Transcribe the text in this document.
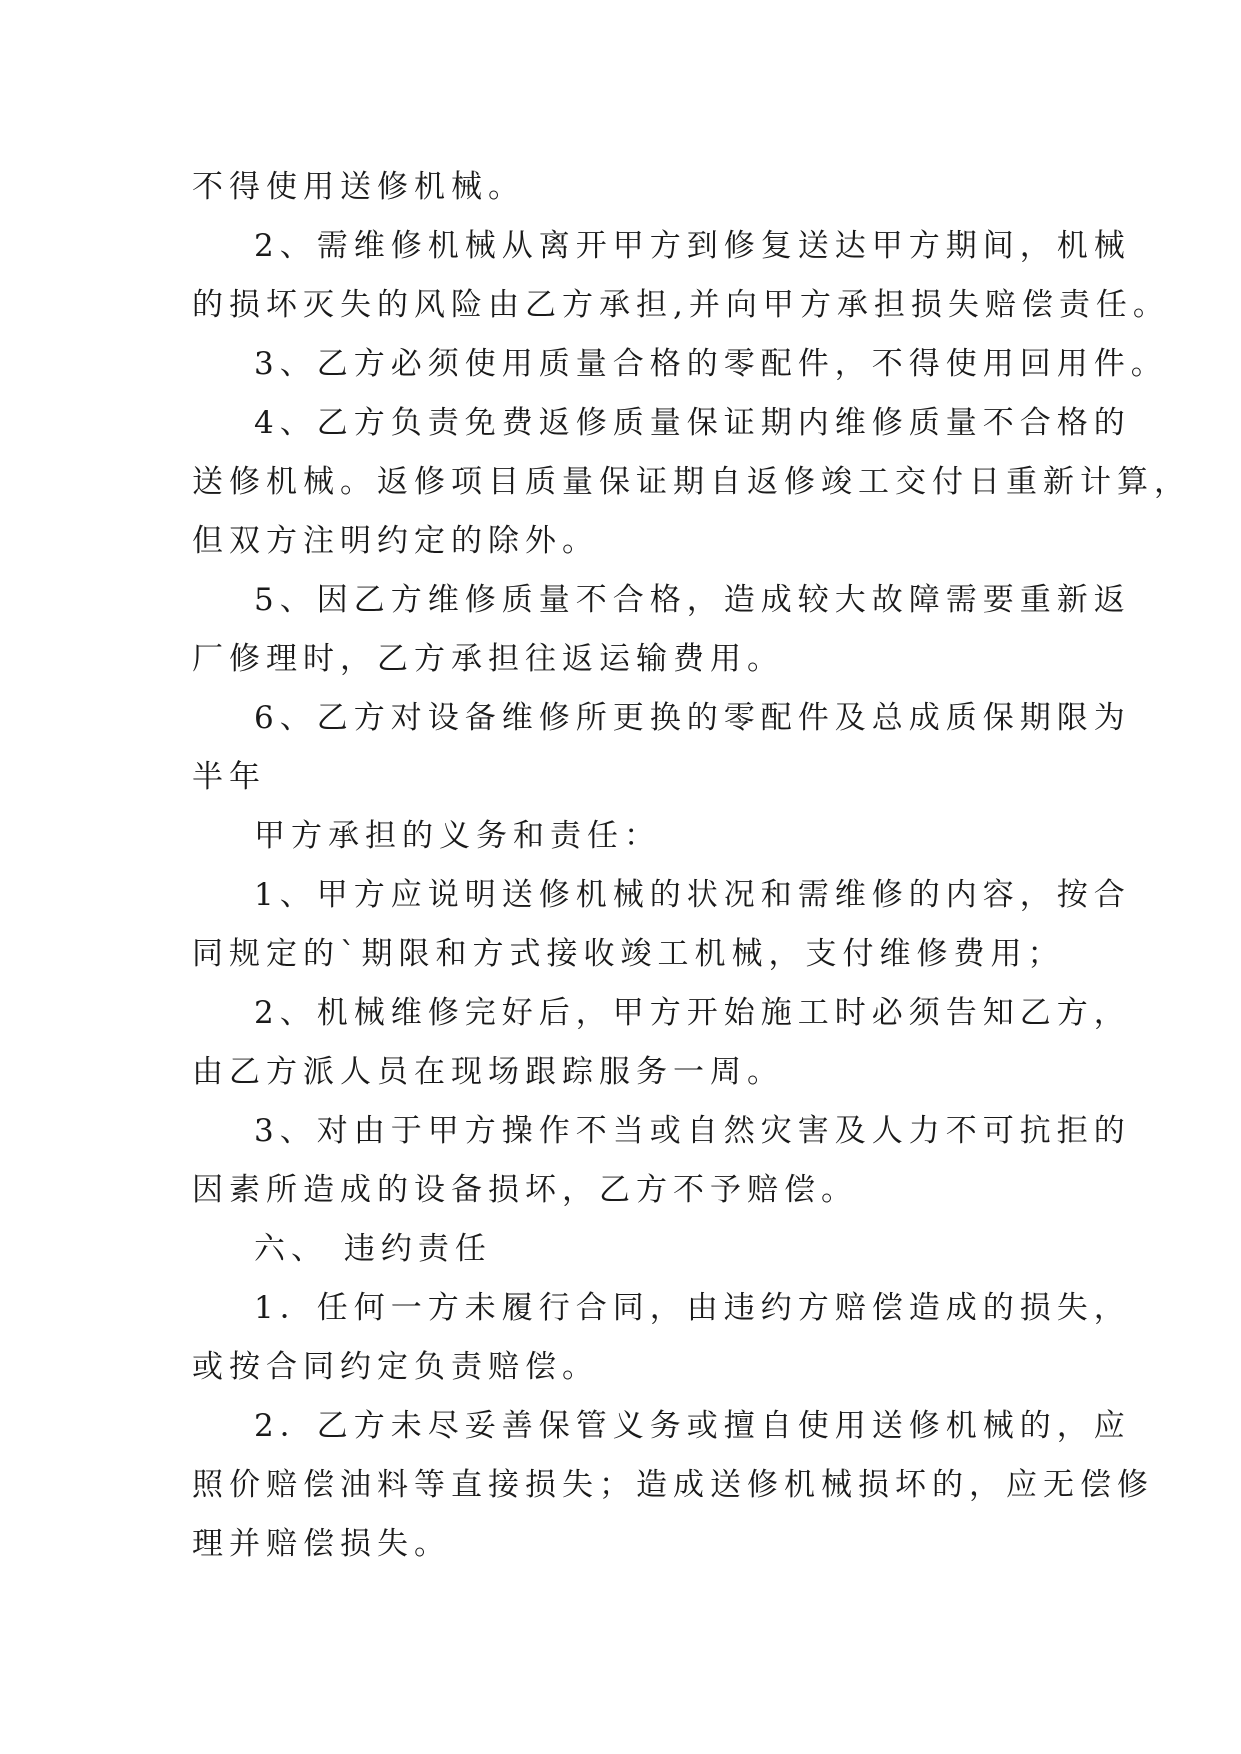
不得使用送修机械。
2、需维修机械从离开甲方到修复送达甲方期间，机械
的损坏灭失的风险由乙方承担,并向甲方承担损失赔偿责任。
3、乙方必须使用质量合格的零配件，不得使用回用件。
4、乙方负责免费返修质量保证期内维修质量不合格的
送修机械。返修项目质量保证期自返修竣工交付日重新计算，
但双方注明约定的除外。
5、因乙方维修质量不合格，造成较大故障需要重新返
厂修理时，乙方承担往返运输费用。
6、乙方对设备维修所更换的零配件及总成质保期限为
半年
甲方承担的义务和责任：
1、甲方应说明送修机械的状况和需维修的内容，按合
同规定的`期限和方式接收竣工机械，支付维修费用；
2、机械维修完好后，甲方开始施工时必须告知乙方，
由乙方派人员在现场跟踪服务一周。
3、对由于甲方操作不当或自然灾害及人力不可抗拒的
因素所造成的设备损坏，乙方不予赔偿。
六、 违约责任
1．任何一方未履行合同，由违约方赔偿造成的损失，
或按合同约定负责赔偿。
2．乙方未尽妥善保管义务或擅自使用送修机械的，应
照价赔偿油料等直接损失；造成送修机械损坏的，应无偿修
理并赔偿损失。
